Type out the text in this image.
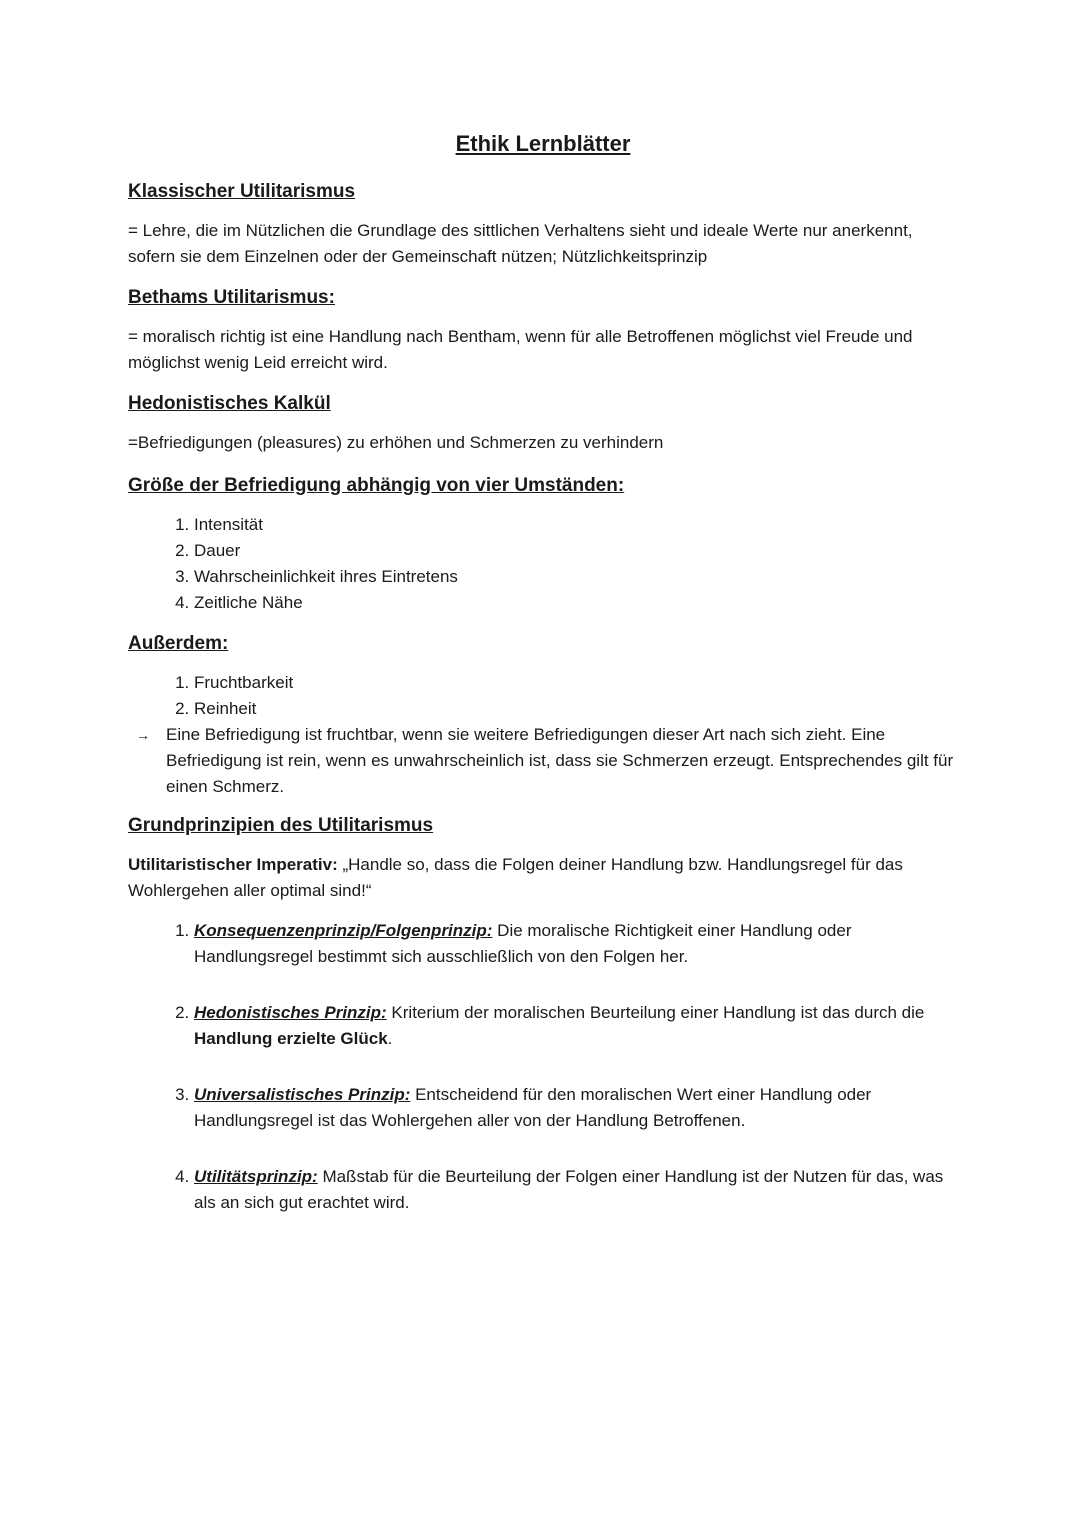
Ethik Lernblätter
Klassischer Utilitarismus

= Lehre, die im Nützlichen die Grundlage des sittlichen Verhaltens sieht und ideale Werte nur anerkennt, sofern sie dem Einzelnen oder der Gemeinschaft nützen; Nützlichkeitsprinzip

Bethams Utilitarismus:

= moralisch richtig ist eine Handlung nach Bentham, wenn für alle Betroffenen möglichst viel Freude und möglichst wenig Leid erreicht wird.

Hedonistisches Kalkül

=Befriedigungen (pleasures) zu erhöhen und Schmerzen zu verhindern

Größe der Befriedigung abhängig von vier Umständen:
1. Intensität
2. Dauer
3. Wahrscheinlichkeit ihres Eintretens
4. Zeitliche Nähe
Außerdem:
1. Fruchtbarkeit
2. Reinheit
→ Eine Befriedigung ist fruchtbar, wenn sie weitere Befriedigungen dieser Art nach sich zieht. Eine Befriedigung ist rein, wenn es unwahrscheinlich ist, dass sie Schmerzen erzeugt. Entsprechendes gilt für einen Schmerz.
Grundprinzipien des Utilitarismus

Utilitaristischer Imperativ: „Handle so, dass die Folgen deiner Handlung bzw. Handlungsregel für das Wohlergehen aller optimal sind!“

1. Konsequenzenprinzip/Folgenprinzip: Die moralische Richtigkeit einer Handlung oder Handlungsregel bestimmt sich ausschließlich von den Folgen her.
2. Hedonistisches Prinzip: Kriterium der moralischen Beurteilung einer Handlung ist das durch die Handlung erzielte Glück.
3. Universalistisches Prinzip: Entscheidend für den moralischen Wert einer Handlung oder Handlungsregel ist das Wohlergehen aller von der Handlung Betroffenen.
4. Utilitätsprinzip: Maßstab für die Beurteilung der Folgen einer Handlung ist der Nutzen für das, was als an sich gut erachtet wird.
